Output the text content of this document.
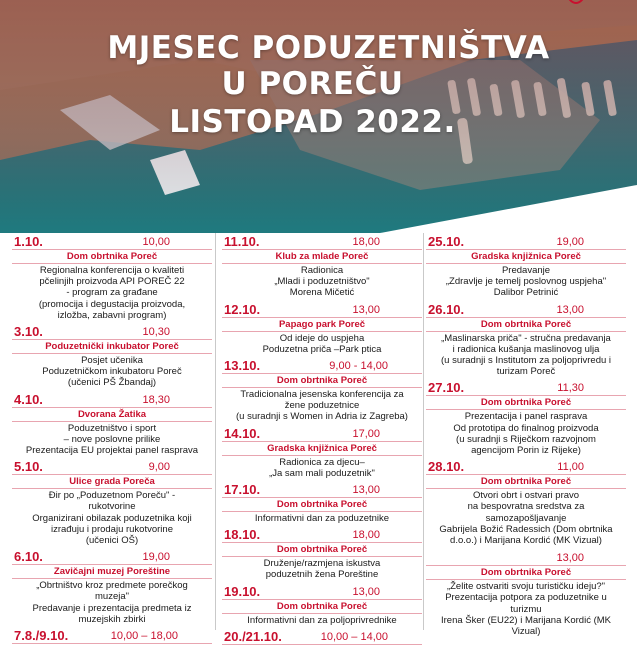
MJESEC PODUZETNIŠTVA
U POREČU
LISTOPAD 2022.
1.10.	10,00
Dom obrtnika Poreč
Regionalna konferencija o kvaliteti
pčelinjih proizvoda API POREČ 22
- program za građane
(promocija i degustacija proizvoda,
izložba, zabavni program)
3.10.	10,30
Poduzetnički inkubator Poreč
Posjet učenika
Poduzetničkom inkubatoru Poreč
(učenici PŠ Žbandaj)
4.10.	18,30
Dvorana Žatika
Poduzetništvo i sport
– nove poslovne prilike
Prezentacija EU projektai panel rasprava
5.10.	9,00
Ulice grada Poreča
Đir po „Poduzetnom Poreču" -
rukotvorine
Organizirani obilazak poduzetnika koji
izrađuju i prodaju rukotvorine
(učenici OŠ)
6.10.	19,00
Zavičajni muzej Poreštine
„Obrtništvo kroz predmete porečkog
muzeja"
Predavanje i prezentacija predmeta iz
muzejskih zbirki
7.8./9.10.	10,00 – 18,00
11.10.	18,00
Klub za mlade Poreč
Radionica
„Mladi i poduzetništvo"
Morena Mičetić
12.10.	13,00
Papago park Poreč
Od ideje do uspjeha
Poduzetna priča –Park ptica
13.10.	9,00 - 14,00
Dom obrtnika Poreč
Tradicionalna jesenska konferencija za
žene poduzetnice
(u suradnji s Women in Adria iz Zagreba)
14.10.	17,00
Gradska knjižnica Poreč
Radionica za djecu–
„Ja sam mali poduzetnik"
17.10.	13,00
Dom obrtnika Poreč
Informativni dan za poduzetnike
18.10.	18,00
Dom obrtnika Poreč
Druženje/razmjena iskustva
poduzetnih žena Poreštine
19.10.	13,00
Dom obrtnika Poreč
Informativni dan za poljoprivrednike
20./21.10.	10,00 – 14,00
25.10.	19,00
Gradska knjižnica Poreč
Predavanje
„Zdravlje je temelj poslovnog uspjeha"
Dalibor Petrinić
26.10.	13,00
Dom obrtnika Poreč
„Maslinarska priča" - stručna predavanja
i radionica kušanja maslinovog ulja
(u suradnji s Institutom za poljoprivredu i
turizam Poreč
27.10.	11,30
Dom obrtnika Poreč
Prezentacija i panel rasprava
Od prototipa do finalnog proizvoda
(u suradnji s Riječkom razvojnom
agencijom Porin iz Rijeke)
28.10.	11,00
Dom obrtnika Poreč
Otvori obrt i ostvari pravo
na bespovratna sredstva za
samozapošljavanje
Gabrijela Božić Radessich (Dom obrtnika
d.o.o.) i Marijana Kordić (MK Vizual)
13,00
Dom obrtnika Poreč
„Želite ostvariti svoju turističku ideju?"
Prezentacija potpora za poduzetnike u
turizmu
Irena Šker (EU22) i Marijana Kordić (MK
Vizual)
